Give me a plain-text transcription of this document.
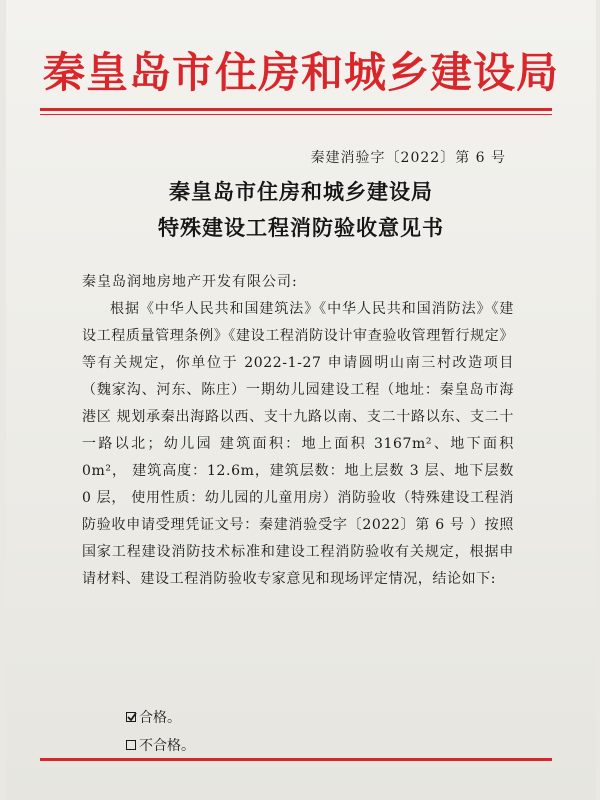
秦皇岛市住房和城乡建设局
秦建消验字〔2022〕第 6 号
秦皇岛市住房和城乡建设局
特殊建设工程消防验收意见书
秦皇岛润地房地产开发有限公司:
根据《中华人民共和国建筑法》《中华人民共和国消防法》《建设工程质量管理条例》《建设工程消防设计审查验收管理暂行规定》等有关规定，你单位于 2022-1-27 申请圆明山南三村改造项目（魏家沟、河东、陈庄）一期幼儿园建设工程（地址：秦皇岛市海港区 规划承秦出海路以西、支十九路以南、支二十路以东、支二十一路以北；幼儿园 建筑面积：地上面积 3167m²、地下面积 0m²， 建筑高度：12.6m，建筑层数：地上层数 3 层、地下层数 0 层， 使用性质：幼儿园的儿童用房）消防验收（特殊建设工程消防验收申请受理凭证文号：秦建消验受字〔2022〕第 6 号 ）按照国家工程建设消防技术标准和建设工程消防验收有关规定，根据申请材料、建设工程消防验收专家意见和现场评定情况，结论如下:
合格。
不合格。
